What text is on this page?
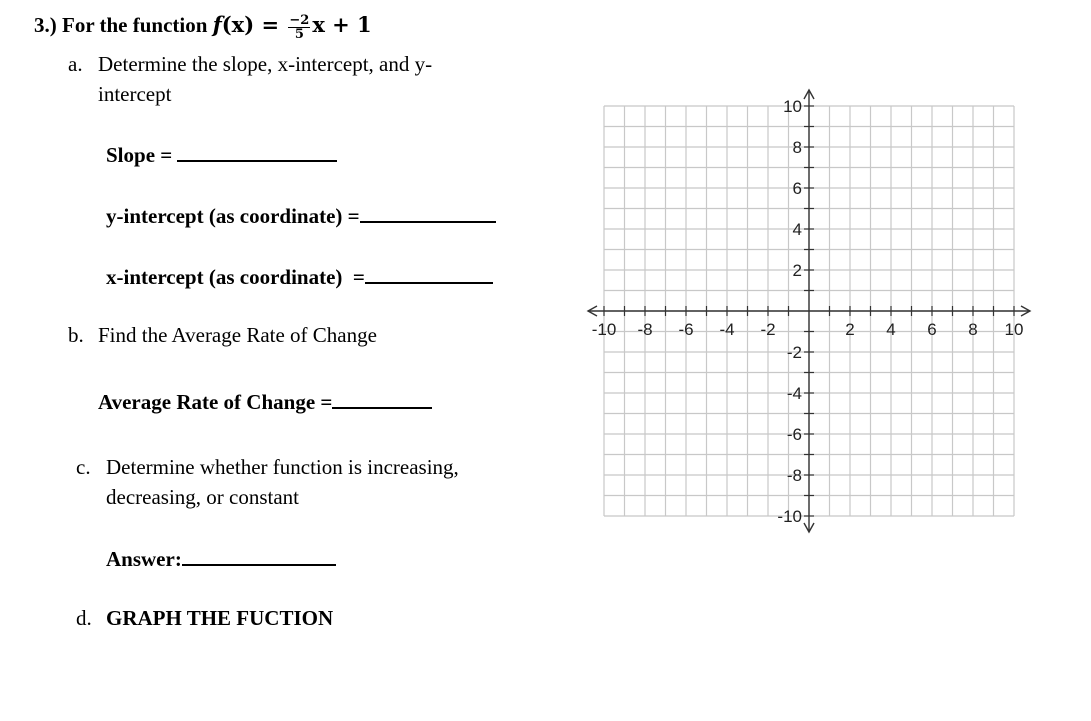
3.) For the function $f(x) = \frac{-2}{5}$ x + 1
a. Determine the slope, x-intercept, and y-
intercept
Slope =
y-intercept (as coordinate) =
x-intercept (as coordinate)  =
b. Find the Average Rate of Change
Average Rate of Change =
c. Determine whether function is increasing,
decreasing, or constant
Answer:
d. GRAPH THE FUCTION
-10 -8 -6 -4 -2	2 4 6 8 10
10
8
6
4
2
-2
-4
-6
-8
-10
